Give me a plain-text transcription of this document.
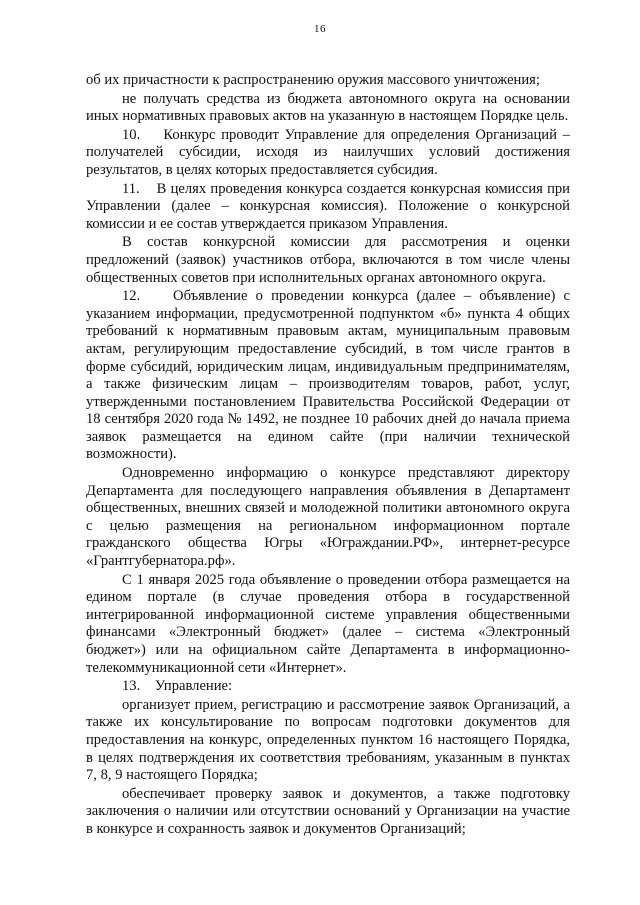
16

об их причастности к распространению оружия массового уничтожения;

не получать средства из бюджета автономного округа на основании иных нормативных правовых актов на указанную в настоящем Порядке цель.

10.    Конкурс проводит Управление для определения Организаций – получателей субсидии, исходя из наилучших условий достижения результатов, в целях которых предоставляется субсидия.

11.    В целях проведения конкурса создается конкурсная комиссия при Управлении (далее – конкурсная комиссия). Положение о конкурсной комиссии и ее состав утверждается приказом Управления.

В состав конкурсной комиссии для рассмотрения и оценки предложений (заявок) участников отбора, включаются в том числе члены общественных советов при исполнительных органах автономного округа.

12.    Объявление о проведении конкурса (далее – объявление) с указанием информации, предусмотренной подпунктом «б» пункта 4 общих требований к нормативным правовым актам, муниципальным правовым актам, регулирующим предоставление субсидий, в том числе грантов в форме субсидий, юридическим лицам, индивидуальным предпринимателям, а также физическим лицам – производителям товаров, работ, услуг, утвержденными постановлением Правительства Российской Федерации от 18 сентября 2020 года № 1492, не позднее 10 рабочих дней до начала приема заявок размещается на едином сайте (при наличии технической возможности).

Одновременно информацию о конкурсе представляют директору Департамента для последующего направления объявления в Департамент общественных, внешних связей и молодежной политики автономного округа с целью размещения на региональном информационном портале гражданского общества Югры «Юграждании.РФ», интернет-ресурсе «Грантгубернатора.рф».

С 1 января 2025 года объявление о проведении отбора размещается на едином портале (в случае проведения отбора в государственной интегрированной информационной системе управления общественными финансами «Электронный бюджет» (далее – система «Электронный бюджет») или на официальном сайте Департамента в информационно-телекоммуникационной сети «Интернет».

13.    Управление:

организует прием, регистрацию и рассмотрение заявок Организаций, а также их консультирование по вопросам подготовки документов для предоставления на конкурс, определенных пунктом 16 настоящего Порядка, в целях подтверждения их соответствия требованиям, указанным в пунктах 7, 8, 9 настоящего Порядка;

обеспечивает проверку заявок и документов, а также подготовку заключения о наличии или отсутствии оснований у Организации на участие в конкурсе и сохранность заявок и документов Организаций;
